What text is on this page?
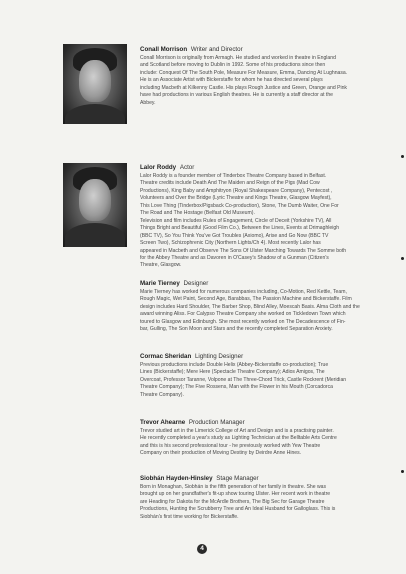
Conall Morrison Writer and Director
Conall Morrison is originally from Armagh. He studied and worked in theatre in England
and Scotland before moving to Dublin in 1992. Some of his productions since then
include: Conquest Of The South Pole, Measure For Measure, Emma, Dancing At Lughnasa.
He is an Associate Artist with Bickerstaffe for whom he has directed several plays
including Macbeth at Kilkenny Castle. His plays Rough Justice and Green, Orange and Pink
have had productions in various English theatres. He is currently a staff director at the
Abbey.
Lalor Roddy Actor
Lalor Roddy is a founder member of Tinderbox Theatre Company based in Belfast.
Theatre credits include Death And The Maiden and Reign of the Pigs (Mad Cow
Productions), King Baby and Amphitryon (Royal Shakespeare Company), Pentecost ,
Volunteers and Over the Bridge (Lyric Theatre and Kings Theatre, Glasgow Mayfest),
This Love Thing (Tinderbox/Pigsback Co-production), Stone, The Dumb Waiter, One For
The Road and The Hostage (Belfast Old Museum).
Television and film includes Rules of Engagement, Circle of Deceit (Yorkshire TV), All
Things Bright and Beautiful (Good Film Co.), Between the Lines, Events at Drimaghleigh
(BBC TV), So You Think You've Got Troubles (Axiomo), Arise and Go Now (BBC TV
Screen Two), Schizophrenic City (Northern Lights/Ch 4). Most recently Lalor has
appeared in Macbeth and Observe The Sons Of Ulster Marching Towards The Somme both
for the Abbey Theatre and as Davoren in O'Casey's Shadow of a Gunman (Citizen's
Theatre, Glasgow.
Marie Tierney Designer
Marie Tierney has worked for numerous companies including, Co-Motion, Red Kettle, Team,
Rough Magic, Wet Paint, Second Age, Barabbas, The Passion Machine and Bickerstaffe. Film
design includes Hard Shoulder, The Barber Shop, Blind Alley, Moescah Basis. Alma Cloth and the
award winning Aliss. For Calypso Theatre Company she worked on Tickledown Town which
toured to Glasgow and Edinburgh. She most recently worked on The Decadescence of Fin-
bar, Gulling, The Son Moon and Stars and the recently completed Separation Anxiety.
Cormac Sheridan Lighting Designer
Previous productions include Double Helix (Abbey-Bickerstaffe co-production); True
Lines (Bickerstaffe); Mere Here (Spectacle Theatre Company); Adios Amigos, The
Overcoat, Professor Taranne, Volpone at The Three-Chord Trick, Castle Rockrent (Meridian
Theatre Company); The Five Rossens, Man with the Flower in his Mouth (Corcadorca
Theatre Company).
Trevor Ahearne Production Manager
Trevor studied art in the Limerick College of Art and Design and is a practising painter.
He recently completed a year's study as Lighting Technician at the Belltable Arts Centre
and this is his second professional tour - he previously worked with Yew Theatre
Company on their production of Moving Destiny by Deirdre Anne Hines.
Siobhán Hayden-Hinsley Stage Manager
Born in Monaghan, Siobhán is the fifth generation of her family in theatre. She was
brought up on her grandfather's fit-up show touring Ulster. Her recent work in theatre
are Heading for Dakota for the McArdle Brothers, The Big Sec for Garage Theatre
Productions, Hunting the Scrubberry Tree and An Ideal Husband for Galloglass. This is
Siobhán's first time working for Bickerstaffe.
4
